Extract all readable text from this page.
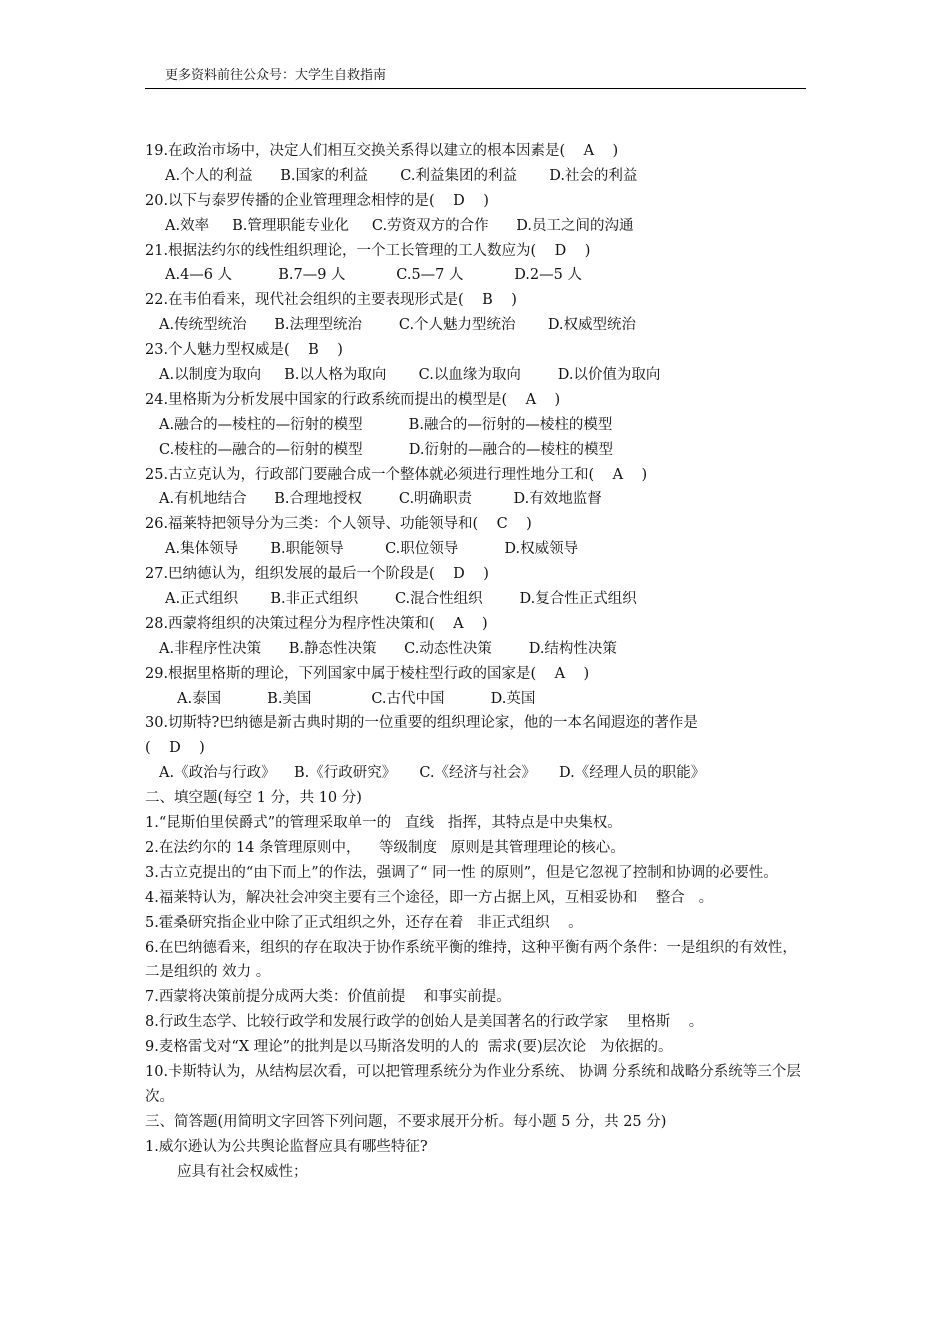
更多资料前往公众号：大学生自救指南
19.在政治市场中，决定人们相互交换关系得以建立的根本因素是(    A    )
A.个人的利益      B.国家的利益       C.利益集团的利益       D.社会的利益
20.以下与泰罗传播的企业管理理念相悖的是(    D    )
A.效率     B.管理职能专业化     C.劳资双方的合作      D.员工之间的沟通
21.根据法约尔的线性组织理论，一个工长管理的工人数应为(    D    )
A.4—6 人          B.7—9 人           C.5—7 人           D.2—5 人
22.在韦伯看来，现代社会组织的主要表现形式是(    B    )
A.传统型统治      B.法理型统治        C.个人魅力型统治       D.权威型统治
23.个人魅力型权威是(    B    )
A.以制度为取向     B.以人格为取向       C.以血缘为取向        D.以价值为取向
24.里格斯为分析发展中国家的行政系统而提出的模型是(    A    )
A.融合的—棱柱的—衍射的模型          B.融合的—衍射的—棱柱的模型
C.棱柱的—融合的—衍射的模型          D.衍射的—融合的—棱柱的模型
25.古立克认为，行政部门要融合成一个整体就必须进行理性地分工和(    A    )
A.有机地结合      B.合理地授权        C.明确职责         D.有效地监督
26.福莱特把领导分为三类：个人领导、功能领导和(    C    )
A.集体领导       B.职能领导         C.职位领导          D.权威领导
27.巴纳德认为，组织发展的最后一个阶段是(    D    )
A.正式组织       B.非正式组织        C.混合性组织        D.复合性正式组织
28.西蒙将组织的决策过程分为程序性决策和(    A    )
A.非程序性决策      B.静态性决策      C.动态性决策        D.结构性决策
29.根据里格斯的理论，下列国家中属于棱柱型行政的国家是(    A    )
A.泰国          B.美国             C.古代中国          D.英国
30.切斯特?巴纳德是新古典时期的一位重要的组织理论家，他的一本名闻遐迩的著作是
(    D    )
A.《政治与行政》    B.《行政研究》     C.《经济与社会》     D.《经理人员的职能》
二、填空题(每空 1 分，共 10 分)
1.“昆斯伯里侯爵式”的管理采取单一的   直线   指挥，其特点是中央集权。
2.在法约尔的 14 条管理原则中，    等级制度   原则是其管理理论的核心。
3.古立克提出的“由下而上”的作法，强调了“ 同一性 的原则”，但是它忽视了控制和协调的必要性。
4.福莱特认为，解决社会冲突主要有三个途径，即一方占据上风，互相妥协和    整合   。
5.霍桑研究指企业中除了正式组织之外，还存在着   非正式组织    。
6.在巴纳德看来，组织的存在取决于协作系统平衡的维持，这种平衡有两个条件：一是组织的有效性，二是组织的 效力 。
7.西蒙将决策前提分成两大类：价值前提    和事实前提。
8.行政生态学、比较行政学和发展行政学的创始人是美国著名的行政学家    里格斯    。
9.麦格雷戈对“X 理论”的批判是以马斯洛发明的人的  需求(要)层次论   为依据的。
10.卡斯特认为，从结构层次看，可以把管理系统分为作业分系统、 协调 分系统和战略分系统等三个层次。
三、简答题(用简明文字回答下列问题，不要求展开分析。每小题 5 分，共 25 分)
1.威尔逊认为公共舆论监督应具有哪些特征?
应具有社会权威性；
